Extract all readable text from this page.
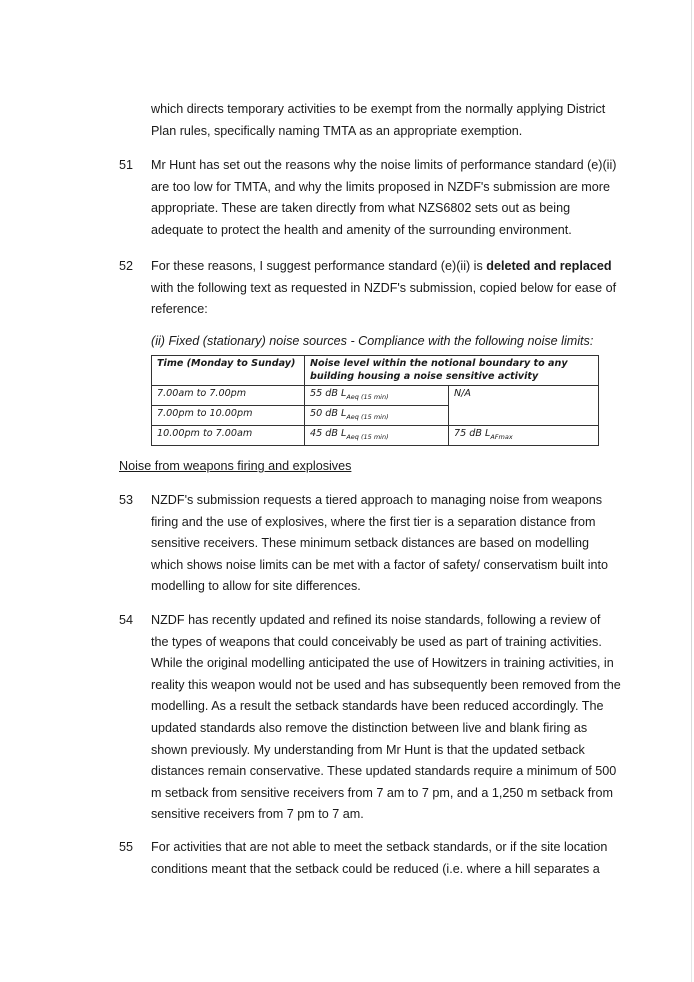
which directs temporary activities to be exempt from the normally applying District Plan rules, specifically naming TMTA as an appropriate exemption.

51 Mr Hunt has set out the reasons why the noise limits of performance standard (e)(ii) are too low for TMTA, and why the limits proposed in NZDF's submission are more appropriate. These are taken directly from what NZS6802 sets out as being adequate to protect the health and amenity of the surrounding environment.

52 For these reasons, I suggest performance standard (e)(ii) is deleted and replaced with the following text as requested in NZDF's submission, copied below for ease of reference:

(ii) Fixed (stationary) noise sources - Compliance with the following noise limits:
Time (Monday to Sunday)	Noise level within the notional boundary to any building housing a noise sensitive activity	
7.00am to 7.00pm	55 dB $L_{Aeq (15 min)}$	N/A
7.00pm to 10.00pm	50 dB $L_{Aeq (15 min)}$
10.00pm to 7.00am	45 dB $L_{Aeq (15 min)}$	75 dB $L_{AFmax}$
Noise from weapons firing and explosives
53 NZDF's submission requests a tiered approach to managing noise from weapons firing and the use of explosives, where the first tier is a separation distance from sensitive receivers. These minimum setback distances are based on modelling which shows noise limits can be met with a factor of safety/ conservatism built into modelling to allow for site differences.

54 NZDF has recently updated and refined its noise standards, following a review of the types of weapons that could conceivably be used as part of training activities. While the original modelling anticipated the use of Howitzers in training activities, in reality this weapon would not be used and has subsequently been removed from the modelling. As a result the setback standards have been reduced accordingly. The updated standards also remove the distinction between live and blank firing as shown previously. My understanding from Mr Hunt is that the updated setback distances remain conservative. These updated standards require a minimum of 500 m setback from sensitive receivers from 7 am to 7 pm, and a 1,250 m setback from sensitive receivers from 7 pm to 7 am.

55 For activities that are not able to meet the setback standards, or if the site location conditions meant that the setback could be reduced (i.e. where a hill separates a
